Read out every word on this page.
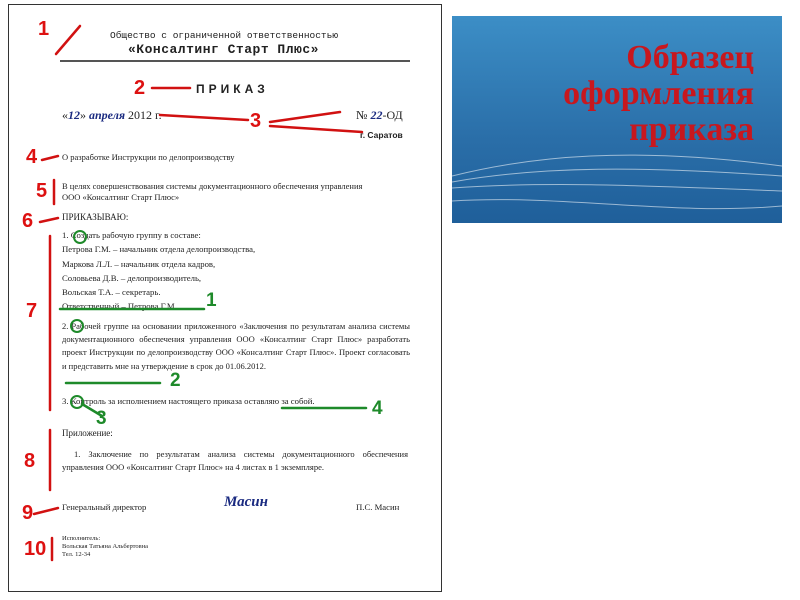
Общество с ограниченной ответственностью
«Консалтинг Старт Плюс»
ПРИКАЗ
«12» апреля 2012 г.	№ 22-ОД
г. Саратов
О разработке Инструкции по делопроизводству
В целях совершенствования системы документационного обеспечения управления
ООО «Консалтинг Старт Плюс»
ПРИКАЗЫВАЮ:
1. Создать рабочую группу в составе:
Петрова Г.М. – начальник отдела делопроизводства,
Маркова Л.Л. – начальник отдела кадров,
Соловьева Д.В. – делопроизводитель,
Вольская Т.А. – секретарь.
Ответственный – Петрова Г.М.
2. Рабочей группе на основании приложенного «Заключения по результатам анализа системы документационного обеспечения управления ООО «Консалтинг Старт Плюс» разработать проект Инструкции по делопроизводству ООО «Консалтинг Старт Плюс». Проект согласовать и представить мне на утверждение в срок до 01.06.2012.
3. Контроль за исполнением настоящего приказа оставляю за собой.
Приложение:
1. Заключение по результатам анализа системы документационного обеспечения управления ООО «Консалтинг Старт Плюс» на 4 листах в 1 экземпляре.
Генеральный директор	Масин	П.С. Масин
Исполнитель:
Вольская Татьяна Альбертовна
Тел. 12-34
1
2
3
4
5
6
7
8
9
10
1
2
3	4
Образец
оформления
приказа
